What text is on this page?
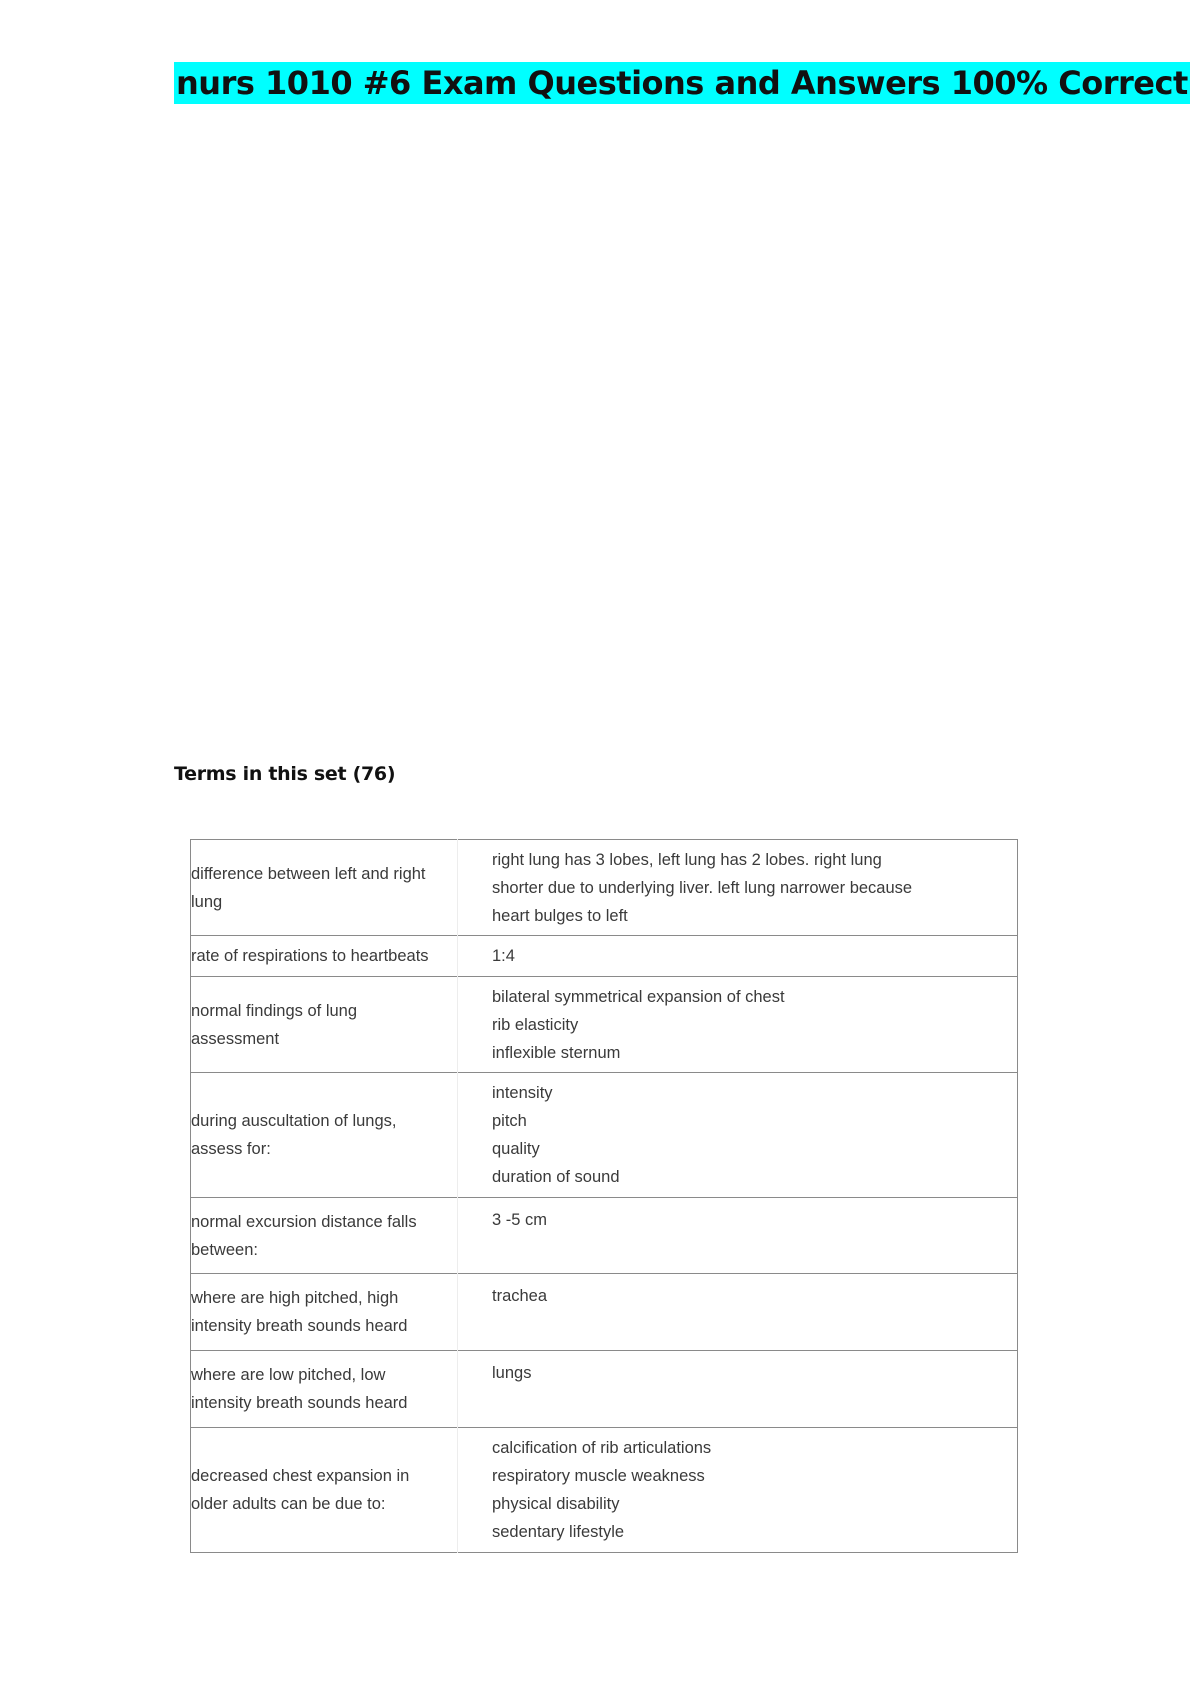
nurs 1010 #6 Exam Questions and Answers 100% Correct
Terms in this set (76)
difference between left and right lung	right lung has 3 lobes, left lung has 2 lobes. right lung shorter due to underlying liver. left lung narrower because heart bulges to left

rate of respirations to heartbeats	1:4

normal findings of lung assessment	bilateral symmetrical expansion of chest
rib elasticity
inflexible sternum

during auscultation of lungs, assess for:	intensity
pitch
quality
duration of sound

normal excursion distance falls between:	3 -5 cm

where are high pitched, high intensity breath sounds heard	trachea

where are low pitched, low intensity breath sounds heard	lungs

decreased chest expansion in older adults can be due to:	calcification of rib articulations
respiratory muscle weakness
physical disability
sedentary lifestyle
